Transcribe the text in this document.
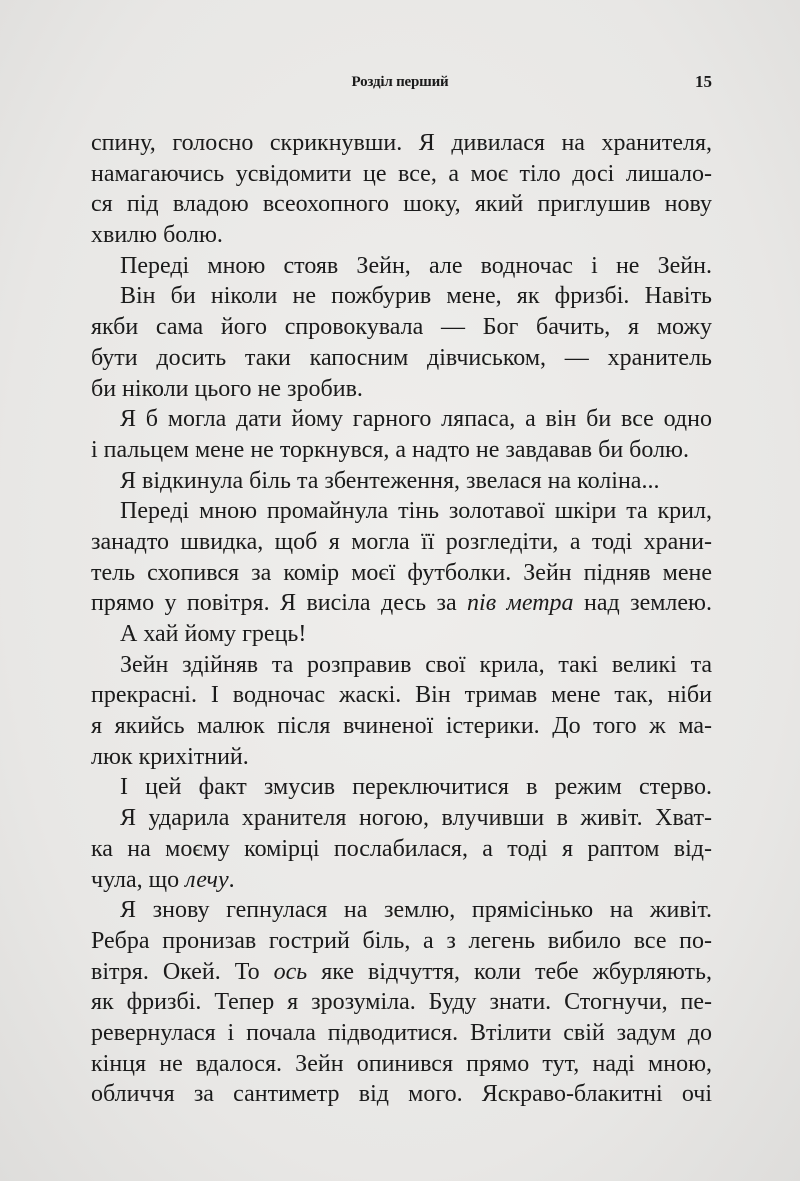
Розділ перший	15
спину, голосно скрикнувши. Я дивилася на хранителя,
намагаючись усвідомити це все, а моє тіло досі лишало-
ся під владою всеохопного шоку, який приглушив нову
хвилю болю.
Переді мною стояв Зейн, але водночас і не Зейн.
Він би ніколи не пожбурив мене, як фризбі. Навіть
якби сама його спровокувала — Бог бачить, я можу
бути досить таки капосним дівчиськом, — хранитель
би ніколи цього не зробив.
Я б могла дати йому гарного ляпаса, а він би все одно
і пальцем мене не торкнувся, а надто не завдавав би болю.
Я відкинула біль та збентеження, звелася на коліна...
Переді мною промайнула тінь золотавої шкіри та крил,
занадто швидка, щоб я могла її розгледіти, а тоді храни-
тель схопився за комір моєї футболки. Зейн підняв мене
прямо у повітря. Я висіла десь за пів метра над землею.
А хай йому грець!
Зейн здійняв та розправив свої крила, такі великі та
прекрасні. І водночас жаскі. Він тримав мене так, ніби
я якийсь малюк після вчиненої істерики. До того ж ма-
люк крихітний.
І цей факт змусив переключитися в режим стерво.
Я ударила хранителя ногою, влучивши в живіт. Хват-
ка на моєму комірці послабилася, а тоді я раптом від-
чула, що лечу.
Я знову гепнулася на землю, прямісінько на живіт.
Ребра пронизав гострий біль, а з легень вибило все по-
вітря. Окей. То ось яке відчуття, коли тебе жбурляють,
як фризбі. Тепер я зрозуміла. Буду знати. Стогнучи, пе-
ревернулася і почала підводитися. Втілити свій задум до
кінця не вдалося. Зейн опинився прямо тут, наді мною,
обличчя за сантиметр від мого. Яскраво-блакитні очі
